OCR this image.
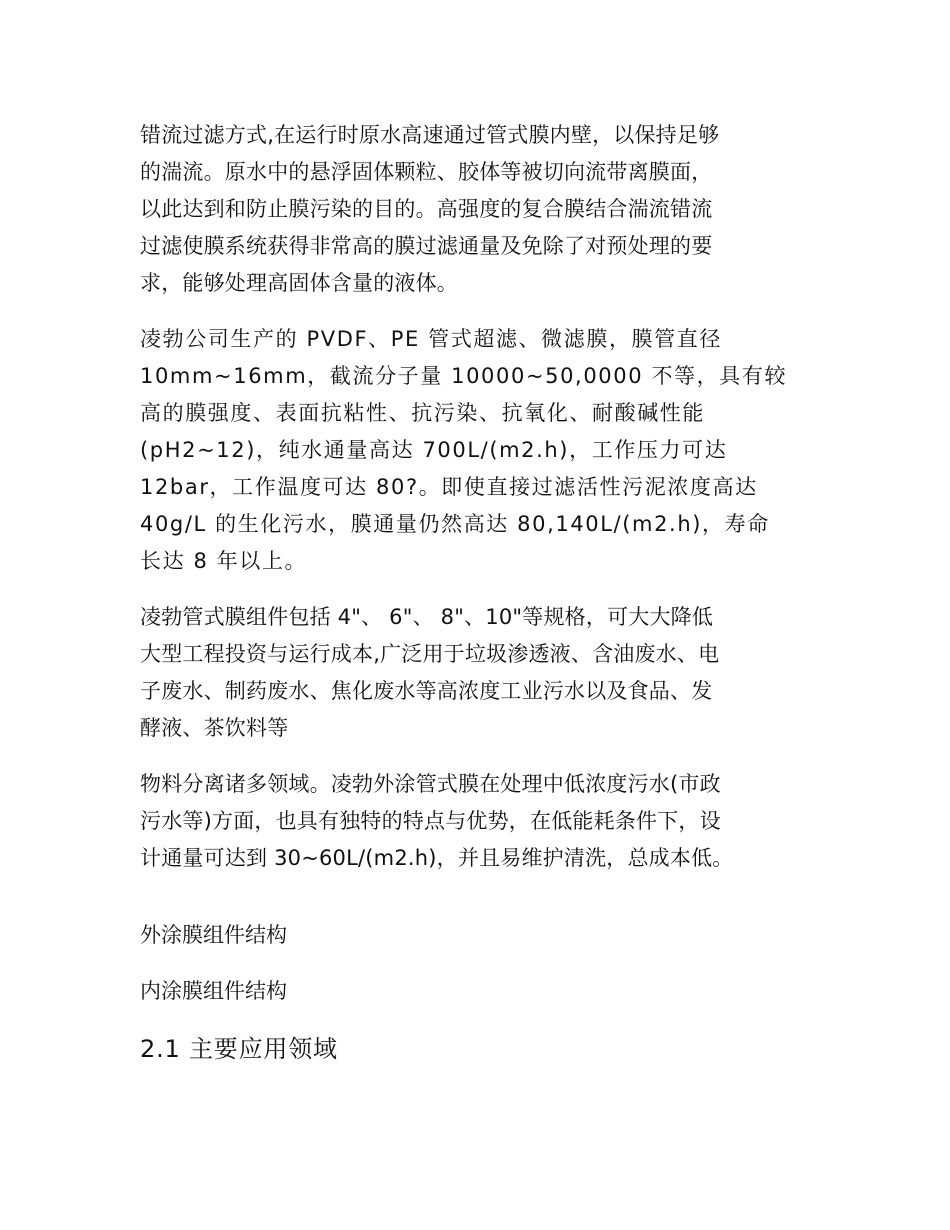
错流过滤方式,在运行时原水高速通过管式膜内壁，以保持足够
的湍流。原水中的悬浮固体颗粒、胶体等被切向流带离膜面，
以此达到和防止膜污染的目的。高强度的复合膜结合湍流错流
过滤使膜系统获得非常高的膜过滤通量及免除了对预处理的要
求，能够处理高固体含量的液体。

凌勃公司生产的 PVDF、PE 管式超滤、微滤膜，膜管直径
10mm~16mm，截流分子量 10000~50,0000 不等，具有较
高的膜强度、表面抗粘性、抗污染、抗氧化、耐酸碱性能
(pH2~12)，纯水通量高达 700L/(m2.h)，工作压力可达
12bar，工作温度可达 80?。即使直接过滤活性污泥浓度高达
40g/L 的生化污水，膜通量仍然高达 80,140L/(m2.h)，寿命
长达 8 年以上。

凌勃管式膜组件包括 4"、 6"、 8"、10"等规格，可大大降低
大型工程投资与运行成本,广泛用于垃圾渗透液、含油废水、电
子废水、制药废水、焦化废水等高浓度工业污水以及食品、发
酵液、茶饮料等

物料分离诸多领域。凌勃外涂管式膜在处理中低浓度污水(市政
污水等)方面，也具有独特的特点与优势，在低能耗条件下，设
计通量可达到 30~60L/(m2.h)，并且易维护清洗，总成本低。

外涂膜组件结构

内涂膜组件结构

2.1 主要应用领域
